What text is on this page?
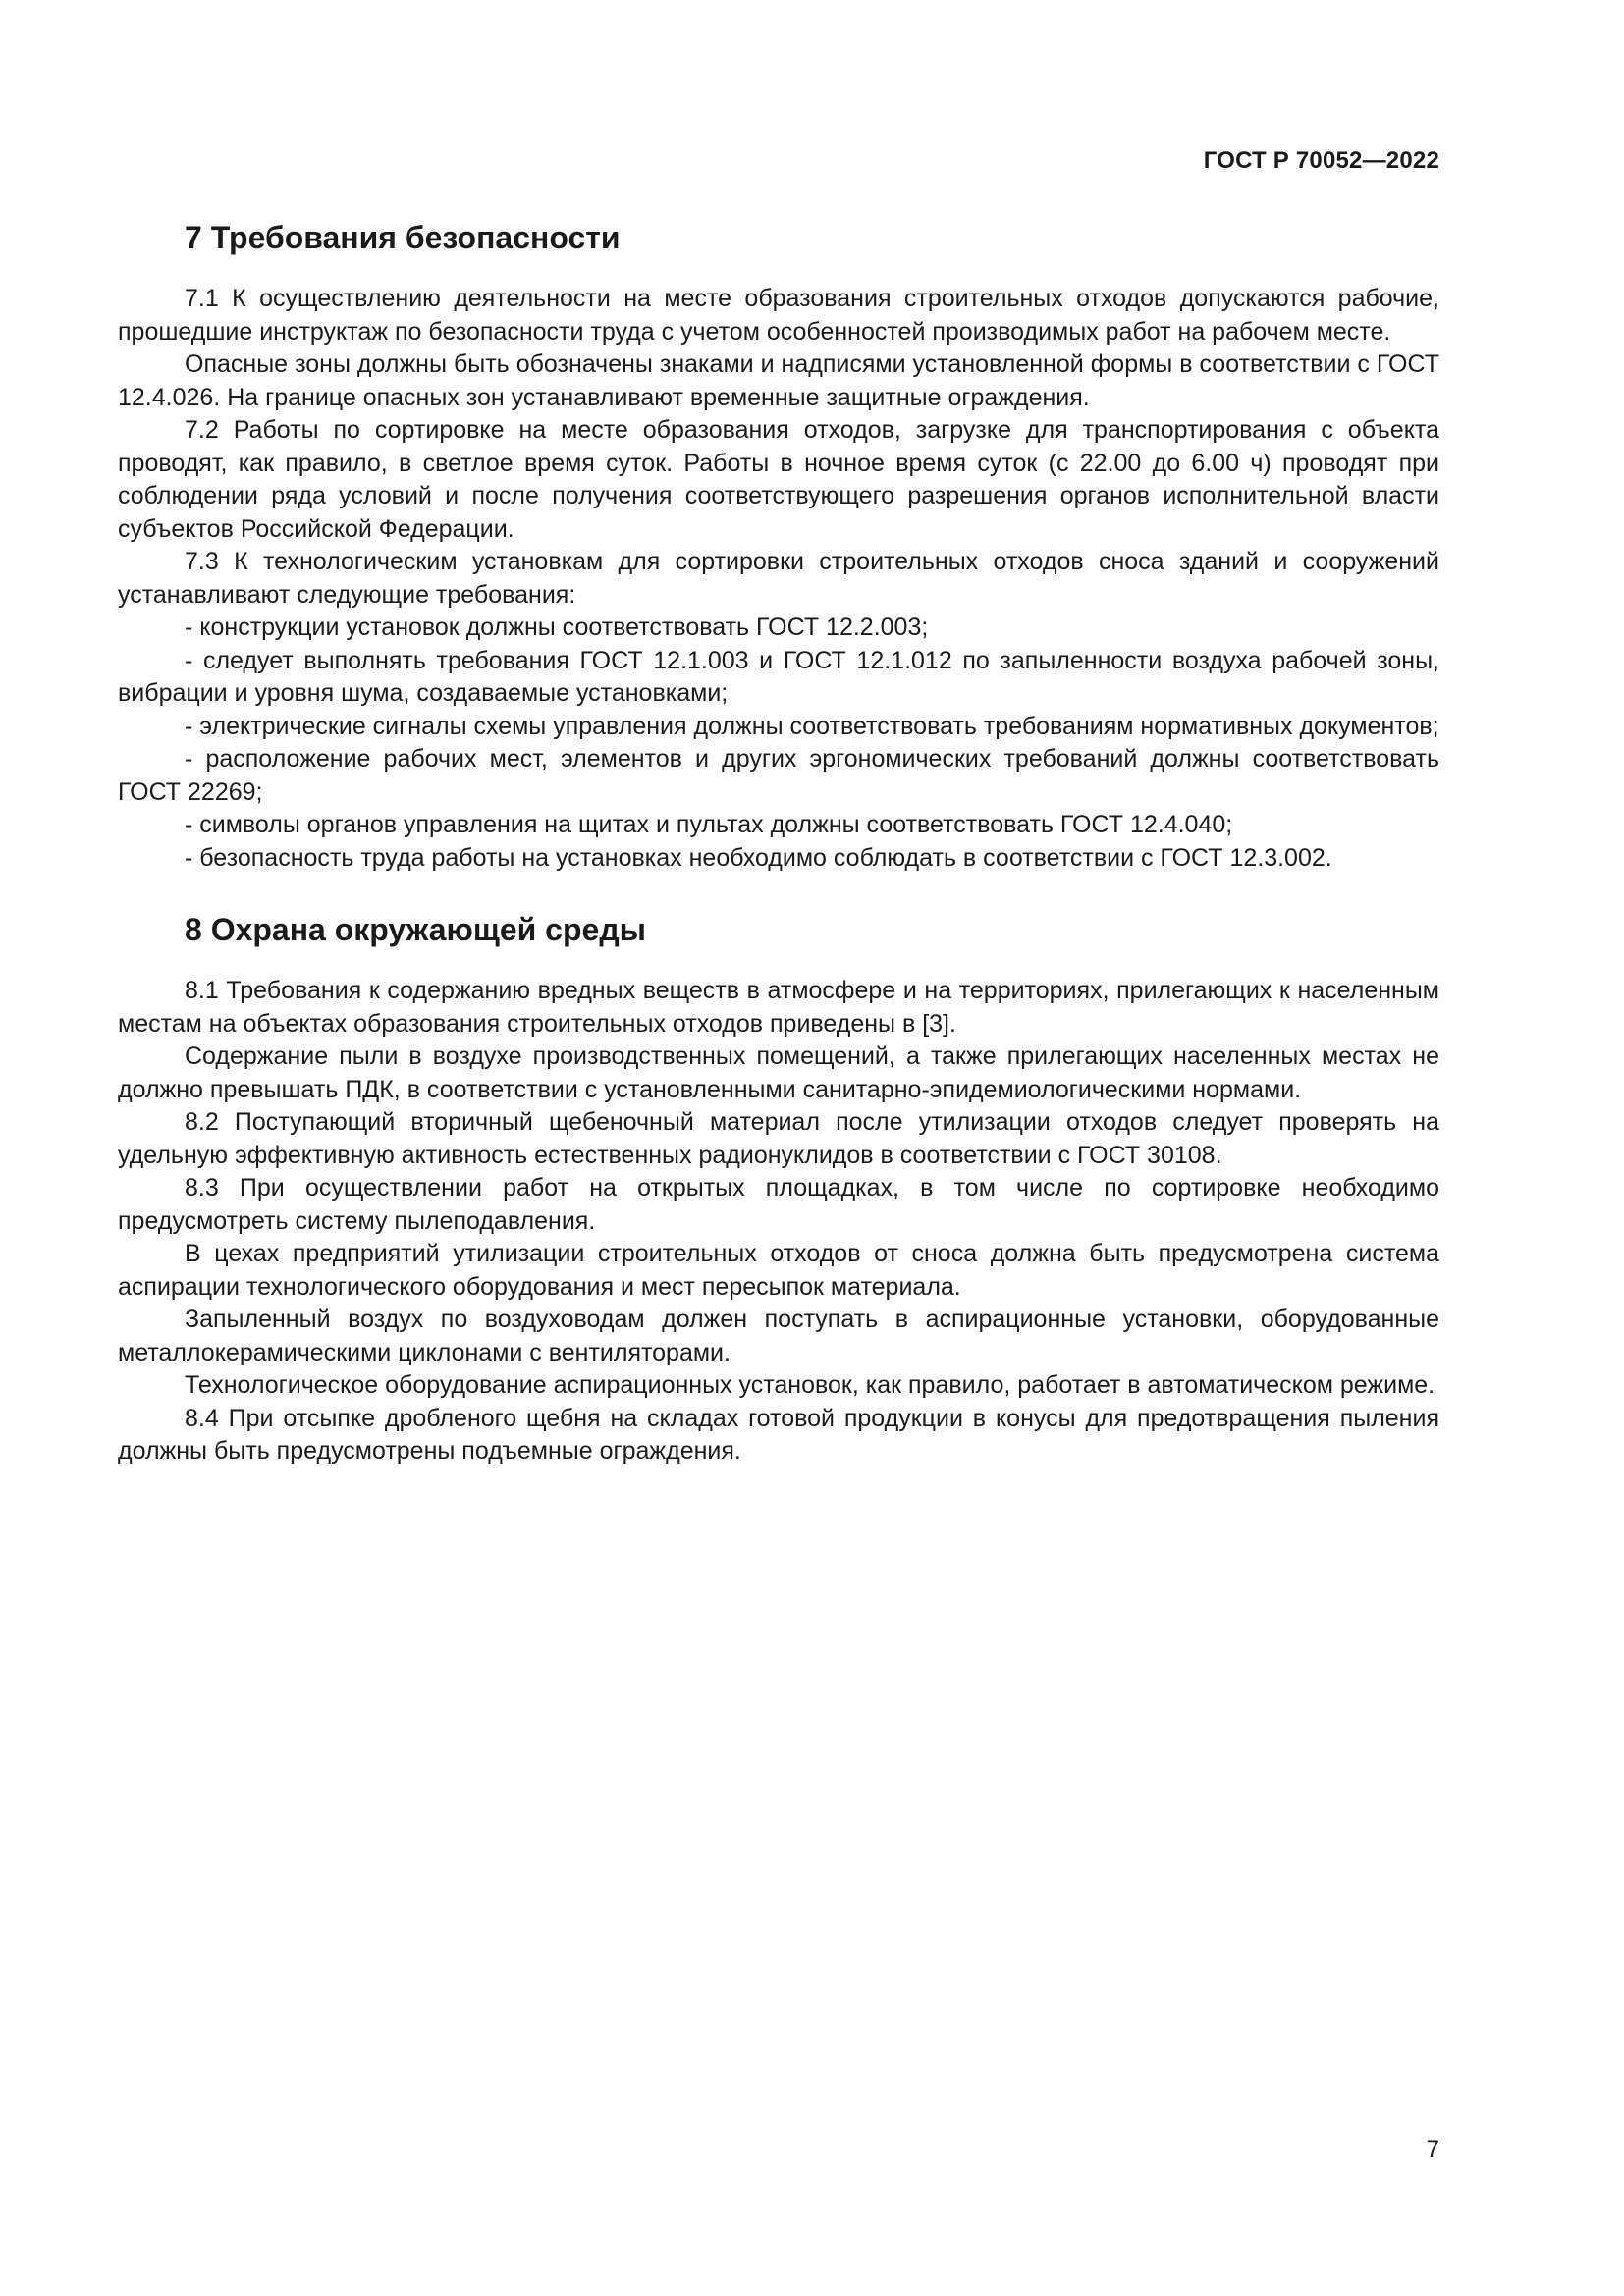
ГОСТ Р 70052—2022
7 Требования безопасности

7.1 К осуществлению деятельности на месте образования строительных отходов допускаются рабочие, прошедшие инструктаж по безопасности труда с учетом особенностей производимых работ на рабочем месте.

Опасные зоны должны быть обозначены знаками и надписями установленной формы в соответствии с ГОСТ 12.4.026. На границе опасных зон устанавливают временные защитные ограждения.

7.2 Работы по сортировке на месте образования отходов, загрузке для транспортирования с объекта проводят, как правило, в светлое время суток. Работы в ночное время суток (с 22.00 до 6.00 ч) проводят при соблюдении ряда условий и после получения соответствующего разрешения органов исполнительной власти субъектов Российской Федерации.

7.3 К технологическим установкам для сортировки строительных отходов сноса зданий и сооружений устанавливают следующие требования:

- конструкции установок должны соответствовать ГОСТ 12.2.003;

- следует выполнять требования ГОСТ 12.1.003 и ГОСТ 12.1.012 по запыленности воздуха рабочей зоны, вибрации и уровня шума, создаваемые установками;

- электрические сигналы схемы управления должны соответствовать требованиям нормативных документов;

- расположение рабочих мест, элементов и других эргономических требований должны соответствовать ГОСТ 22269;

- символы органов управления на щитах и пультах должны соответствовать ГОСТ 12.4.040;

- безопасность труда работы на установках необходимо соблюдать в соответствии с ГОСТ 12.3.002.

8 Охрана окружающей среды

8.1 Требования к содержанию вредных веществ в атмосфере и на территориях, прилегающих к населенным местам на объектах образования строительных отходов приведены в [3].

Содержание пыли в воздухе производственных помещений, а также прилегающих населенных местах не должно превышать ПДК, в соответствии с установленными санитарно-эпидемиологическими нормами.

8.2 Поступающий вторичный щебеночный материал после утилизации отходов следует проверять на удельную эффективную активность естественных радионуклидов в соответствии с ГОСТ 30108.

8.3 При осуществлении работ на открытых площадках, в том числе по сортировке необходимо предусмотреть систему пылеподавления.

В цехах предприятий утилизации строительных отходов от сноса должна быть предусмотрена система аспирации технологического оборудования и мест пересыпок материала.

Запыленный воздух по воздуховодам должен поступать в аспирационные установки, оборудованные металлокерамическими циклонами с вентиляторами.

Технологическое оборудование аспирационных установок, как правило, работает в автоматическом режиме.

8.4 При отсыпке дробленого щебня на складах готовой продукции в конусы для предотвращения пыления должны быть предусмотрены подъемные ограждения.

7
